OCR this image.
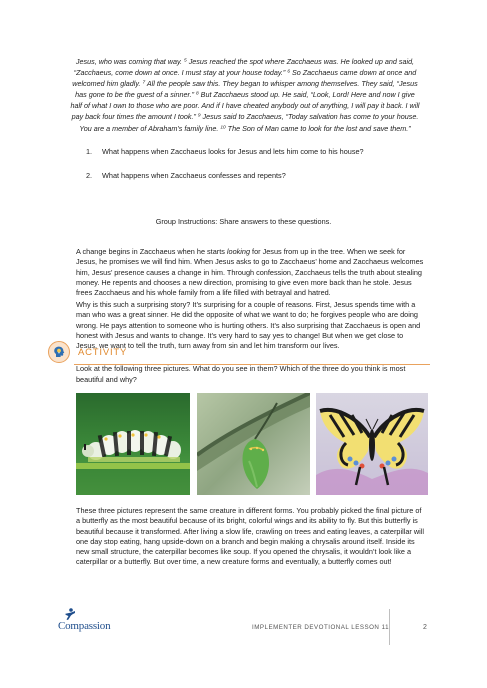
Jesus, who was coming that way. $^5$ Jesus reached the spot where Zacchaeus was. He looked up and said, “Zacchaeus, come down at once. I must stay at your house today.” $^6$ So Zacchaeus came down at once and welcomed him gladly. $^7$ All the people saw this. They began to whisper among themselves. They said, “Jesus has gone to be the guest of a sinner.” $^8$ But Zacchaeus stood up. He said, “Look, Lord! Here and now I give half of what I own to those who are poor. And if I have cheated anybody out of anything, I will pay it back. I will pay back four times the amount I took.” $^9$ Jesus said to Zacchaeus, “Today salvation has come to your house. You are a member of Abraham’s family line. $^{10}$ The Son of Man came to look for the lost and save them.”
1.	What happens when Zacchaeus looks for Jesus and lets him come to his house?
2.	What happens when Zacchaeus confesses and repents?
Group Instructions: Share answers to these questions.

A change begins in Zacchaeus when he starts looking for Jesus from up in the tree. When we seek for Jesus, he promises we will find him. When Jesus asks to go to Zacchaeus’ home and Zacchaeus welcomes him, Jesus’ presence causes a change in him. Through confession, Zacchaeus tells the truth about stealing money. He repents and chooses a new direction, promising to give even more back than he stole. Jesus frees Zacchaeus and his whole family from a life filled with betrayal and hatred.

Why is this such a surprising story? It’s surprising for a couple of reasons. First, Jesus spends time with a man who was a great sinner. He did the opposite of what we want to do; he forgives people who are doing wrong. He pays attention to someone who is hurting others. It’s also surprising that Zacchaeus is open and honest with Jesus and wants to change. It’s very hard to say yes to change! But when we get close to Jesus, we want to tell the truth, turn away from sin and let him transform our lives.

ACTIVITY

Look at the following three pictures. What do you see in them? Which of the three do you think is most beautiful and why?

These three pictures represent the same creature in different forms. You probably picked the final picture of a butterfly as the most beautiful because of its bright, colorful wings and its ability to fly. But this butterfly is beautiful because it transformed. After living a slow life, crawling on trees and eating leaves, a caterpillar will one day stop eating, hang upside-down on a branch and begin making a chrysalis around itself. Inside its new small structure, the caterpillar becomes like soup. If you opened the chrysalis, it wouldn’t look like a caterpillar or a butterfly. But over time, a new creature forms and eventually, a butterfly comes out!

Compassion	IMPLEMENTER DEVOTIONAL LESSON 11	2
